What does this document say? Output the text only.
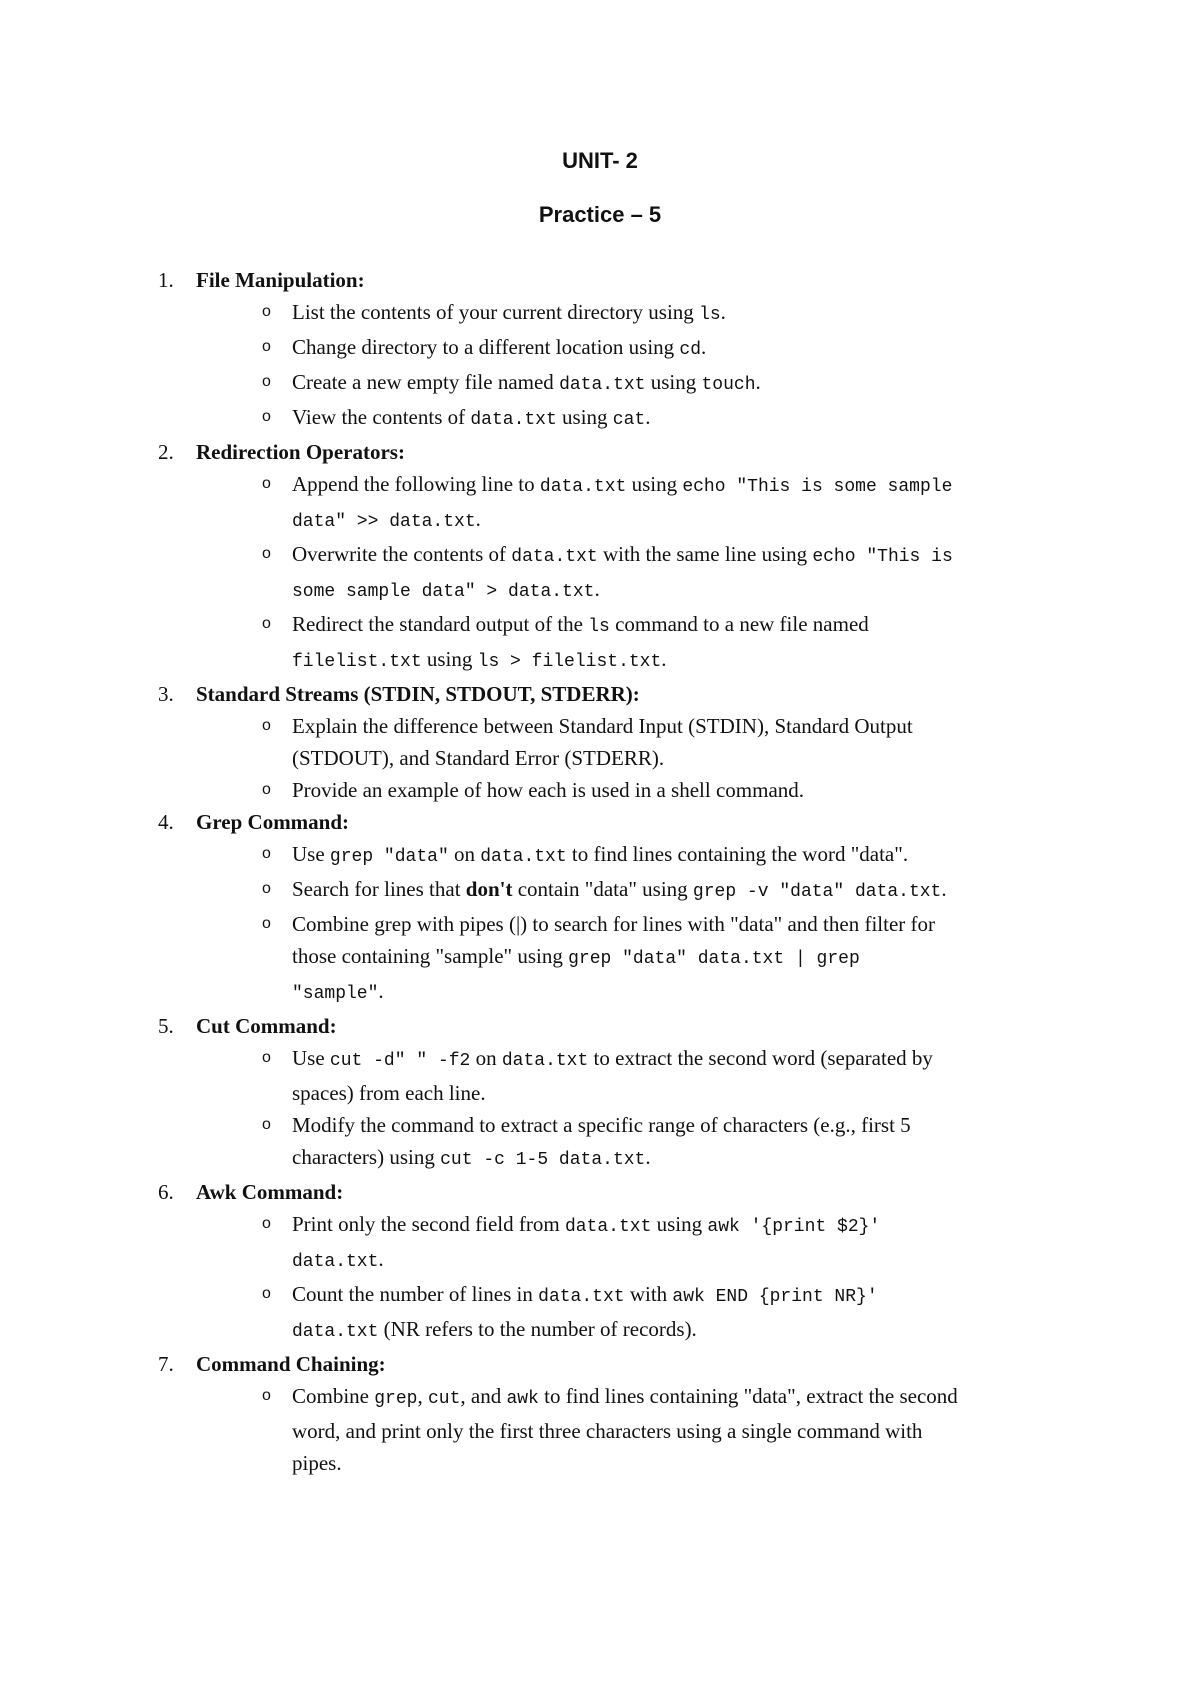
UNIT- 2
Practice – 5
1. File Manipulation:
o List the contents of your current directory using ls.
o Change directory to a different location using cd.
o Create a new empty file named data.txt using touch.
o View the contents of data.txt using cat.
2. Redirection Operators:
o Append the following line to data.txt using echo "This is some sample data" >> data.txt.
o Overwrite the contents of data.txt with the same line using echo "This is some sample data" > data.txt.
o Redirect the standard output of the ls command to a new file named filelist.txt using ls > filelist.txt.
3. Standard Streams (STDIN, STDOUT, STDERR):
o Explain the difference between Standard Input (STDIN), Standard Output (STDOUT), and Standard Error (STDERR).
o Provide an example of how each is used in a shell command.
4. Grep Command:
o Use grep "data" on data.txt to find lines containing the word "data".
o Search for lines that don't contain "data" using grep -v "data" data.txt.
o Combine grep with pipes (|) to search for lines with "data" and then filter for those containing "sample" using grep "data" data.txt | grep "sample".
5. Cut Command:
o Use cut -d" " -f2 on data.txt to extract the second word (separated by spaces) from each line.
o Modify the command to extract a specific range of characters (e.g., first 5 characters) using cut -c 1-5 data.txt.
6. Awk Command:
o Print only the second field from data.txt using awk '{print $2}' data.txt.
o Count the number of lines in data.txt with awk END {print NR}' data.txt (NR refers to the number of records).
7. Command Chaining:
o Combine grep, cut, and awk to find lines containing "data", extract the second word, and print only the first three characters using a single command with pipes.
